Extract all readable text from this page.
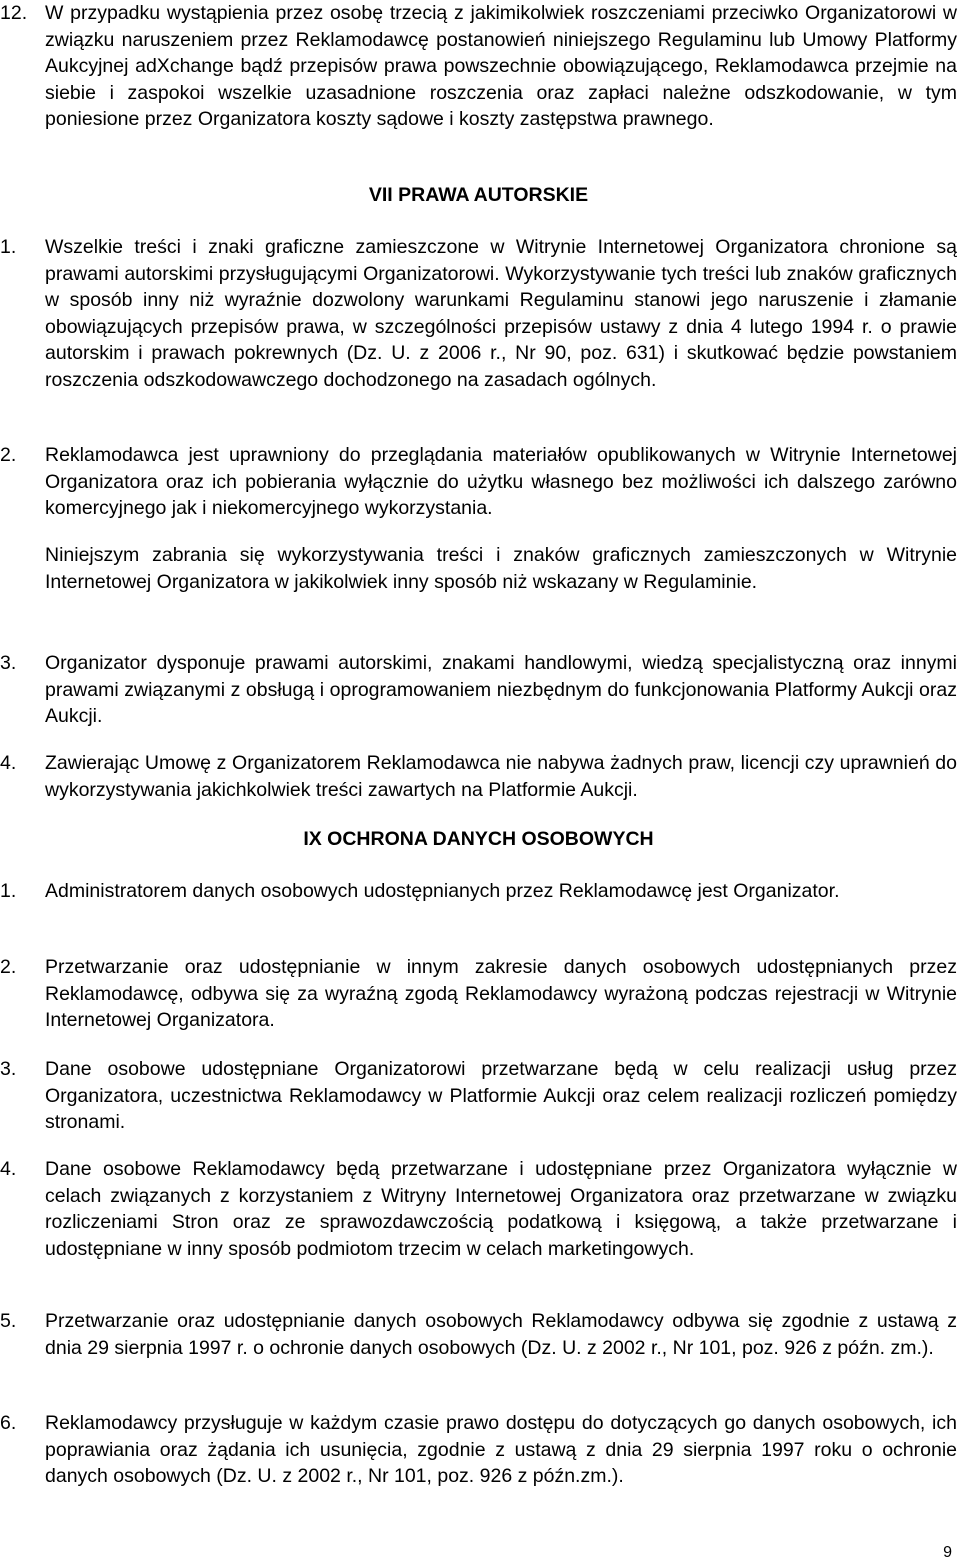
12. W przypadku wystąpienia przez osobę trzecią z jakimikolwiek roszczeniami przeciwko Organizatorowi w związku naruszeniem przez Reklamodawcę postanowień niniejszego Regulaminu lub Umowy Platformy Aukcyjnej adXchange bądź przepisów prawa powszechnie obowiązującego, Reklamodawca przejmie na siebie i zaspokoi wszelkie uzasadnione roszczenia oraz zapłaci należne odszkodowanie, w tym poniesione przez Organizatora koszty sądowe i koszty zastępstwa prawnego.
VII PRAWA AUTORSKIE
1. Wszelkie treści i znaki graficzne zamieszczone w Witrynie Internetowej Organizatora chronione są prawami autorskimi przysługującymi Organizatorowi. Wykorzystywanie tych treści lub znaków graficznych w sposób inny niż wyraźnie dozwolony warunkami Regulaminu stanowi jego naruszenie i złamanie obowiązujących przepisów prawa, w szczególności przepisów ustawy z dnia 4 lutego 1994 r. o prawie autorskim i prawach pokrewnych (Dz. U. z 2006 r., Nr 90, poz. 631) i skutkować będzie powstaniem roszczenia odszkodowawczego dochodzonego na zasadach ogólnych.
2. Reklamodawca jest uprawniony do przeglądania materiałów opublikowanych w Witrynie Internetowej Organizatora oraz ich pobierania wyłącznie do użytku własnego bez możliwości ich dalszego zarówno komercyjnego jak i niekomercyjnego wykorzystania.
Niniejszym zabrania się wykorzystywania treści i znaków graficznych zamieszczonych w Witrynie Internetowej Organizatora w jakikolwiek inny sposób niż wskazany w Regulaminie.
3. Organizator dysponuje prawami autorskimi, znakami handlowymi, wiedzą specjalistyczną oraz innymi prawami związanymi z obsługą i oprogramowaniem niezbędnym do funkcjonowania Platformy Aukcji oraz Aukcji.
4. Zawierając Umowę z Organizatorem Reklamodawca nie nabywa żadnych praw, licencji czy uprawnień do wykorzystywania jakichkolwiek treści zawartych na Platformie Aukcji.
IX OCHRONA DANYCH OSOBOWYCH
1. Administratorem danych osobowych udostępnianych przez Reklamodawcę jest Organizator.
2. Przetwarzanie oraz udostępnianie w innym zakresie danych osobowych udostępnianych przez Reklamodawcę, odbywa się za wyraźną zgodą Reklamodawcy wyrażoną podczas rejestracji w Witrynie Internetowej Organizatora.
3. Dane osobowe udostępniane Organizatorowi przetwarzane będą w celu realizacji usług przez Organizatora, uczestnictwa Reklamodawcy w Platformie Aukcji oraz celem realizacji rozliczeń pomiędzy stronami.
4. Dane osobowe Reklamodawcy będą przetwarzane i udostępniane przez Organizatora wyłącznie w celach związanych z korzystaniem z Witryny Internetowej Organizatora oraz przetwarzane w związku rozliczeniami Stron oraz ze sprawozdawczością podatkową i księgową, a także przetwarzane i udostępniane w inny sposób podmiotom trzecim w celach marketingowych.
5. Przetwarzanie oraz udostępnianie danych osobowych Reklamodawcy odbywa się zgodnie z ustawą z dnia 29 sierpnia 1997 r. o ochronie danych osobowych (Dz. U. z 2002 r., Nr 101, poz. 926 z późn. zm.).
6. Reklamodawcy przysługuje w każdym czasie prawo dostępu do dotyczących go danych osobowych, ich poprawiania oraz żądania ich usunięcia, zgodnie z ustawą z dnia 29 sierpnia 1997 roku o ochronie danych osobowych (Dz. U. z 2002 r., Nr 101, poz. 926 z późn.zm.).
9
